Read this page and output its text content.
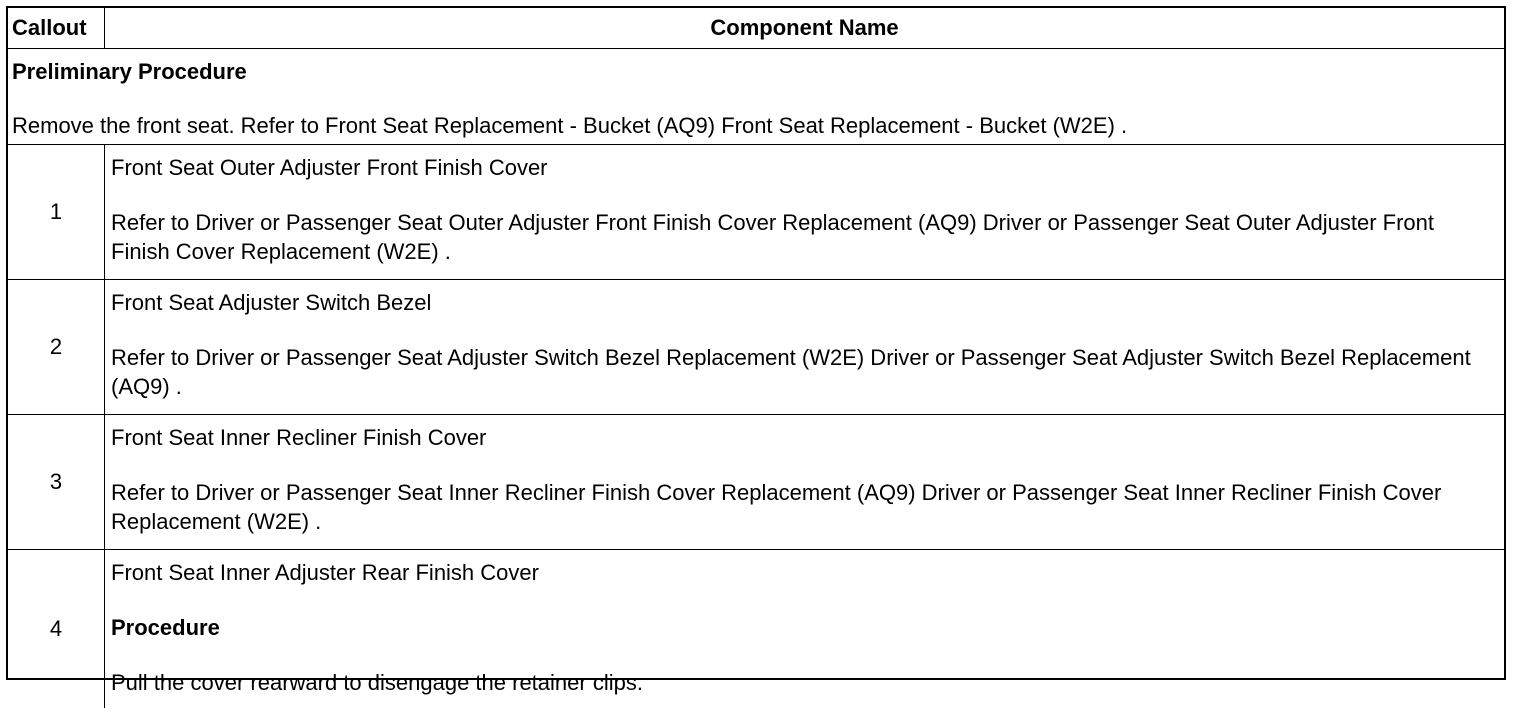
Callout	Component Name

Preliminary Procedure
Remove the front seat. Refer to Front Seat Replacement - Bucket (AQ9) Front Seat Replacement - Bucket (W2E) .	

1	Front Seat Outer Adjuster Front Finish Cover
Refer to Driver or Passenger Seat Outer Adjuster Front Finish Cover Replacement (AQ9) Driver or Passenger Seat Outer Adjuster Front Finish Cover Replacement (W2E) .

2	Front Seat Adjuster Switch Bezel
Refer to Driver or Passenger Seat Adjuster Switch Bezel Replacement (W2E) Driver or Passenger Seat Adjuster Switch Bezel Replacement (AQ9) .

3	Front Seat Inner Recliner Finish Cover
Refer to Driver or Passenger Seat Inner Recliner Finish Cover Replacement (AQ9) Driver or Passenger Seat Inner Recliner Finish Cover Replacement (W2E) .

4	Front Seat Inner Adjuster Rear Finish Cover
Procedure
Pull the cover rearward to disengage the retainer clips.
